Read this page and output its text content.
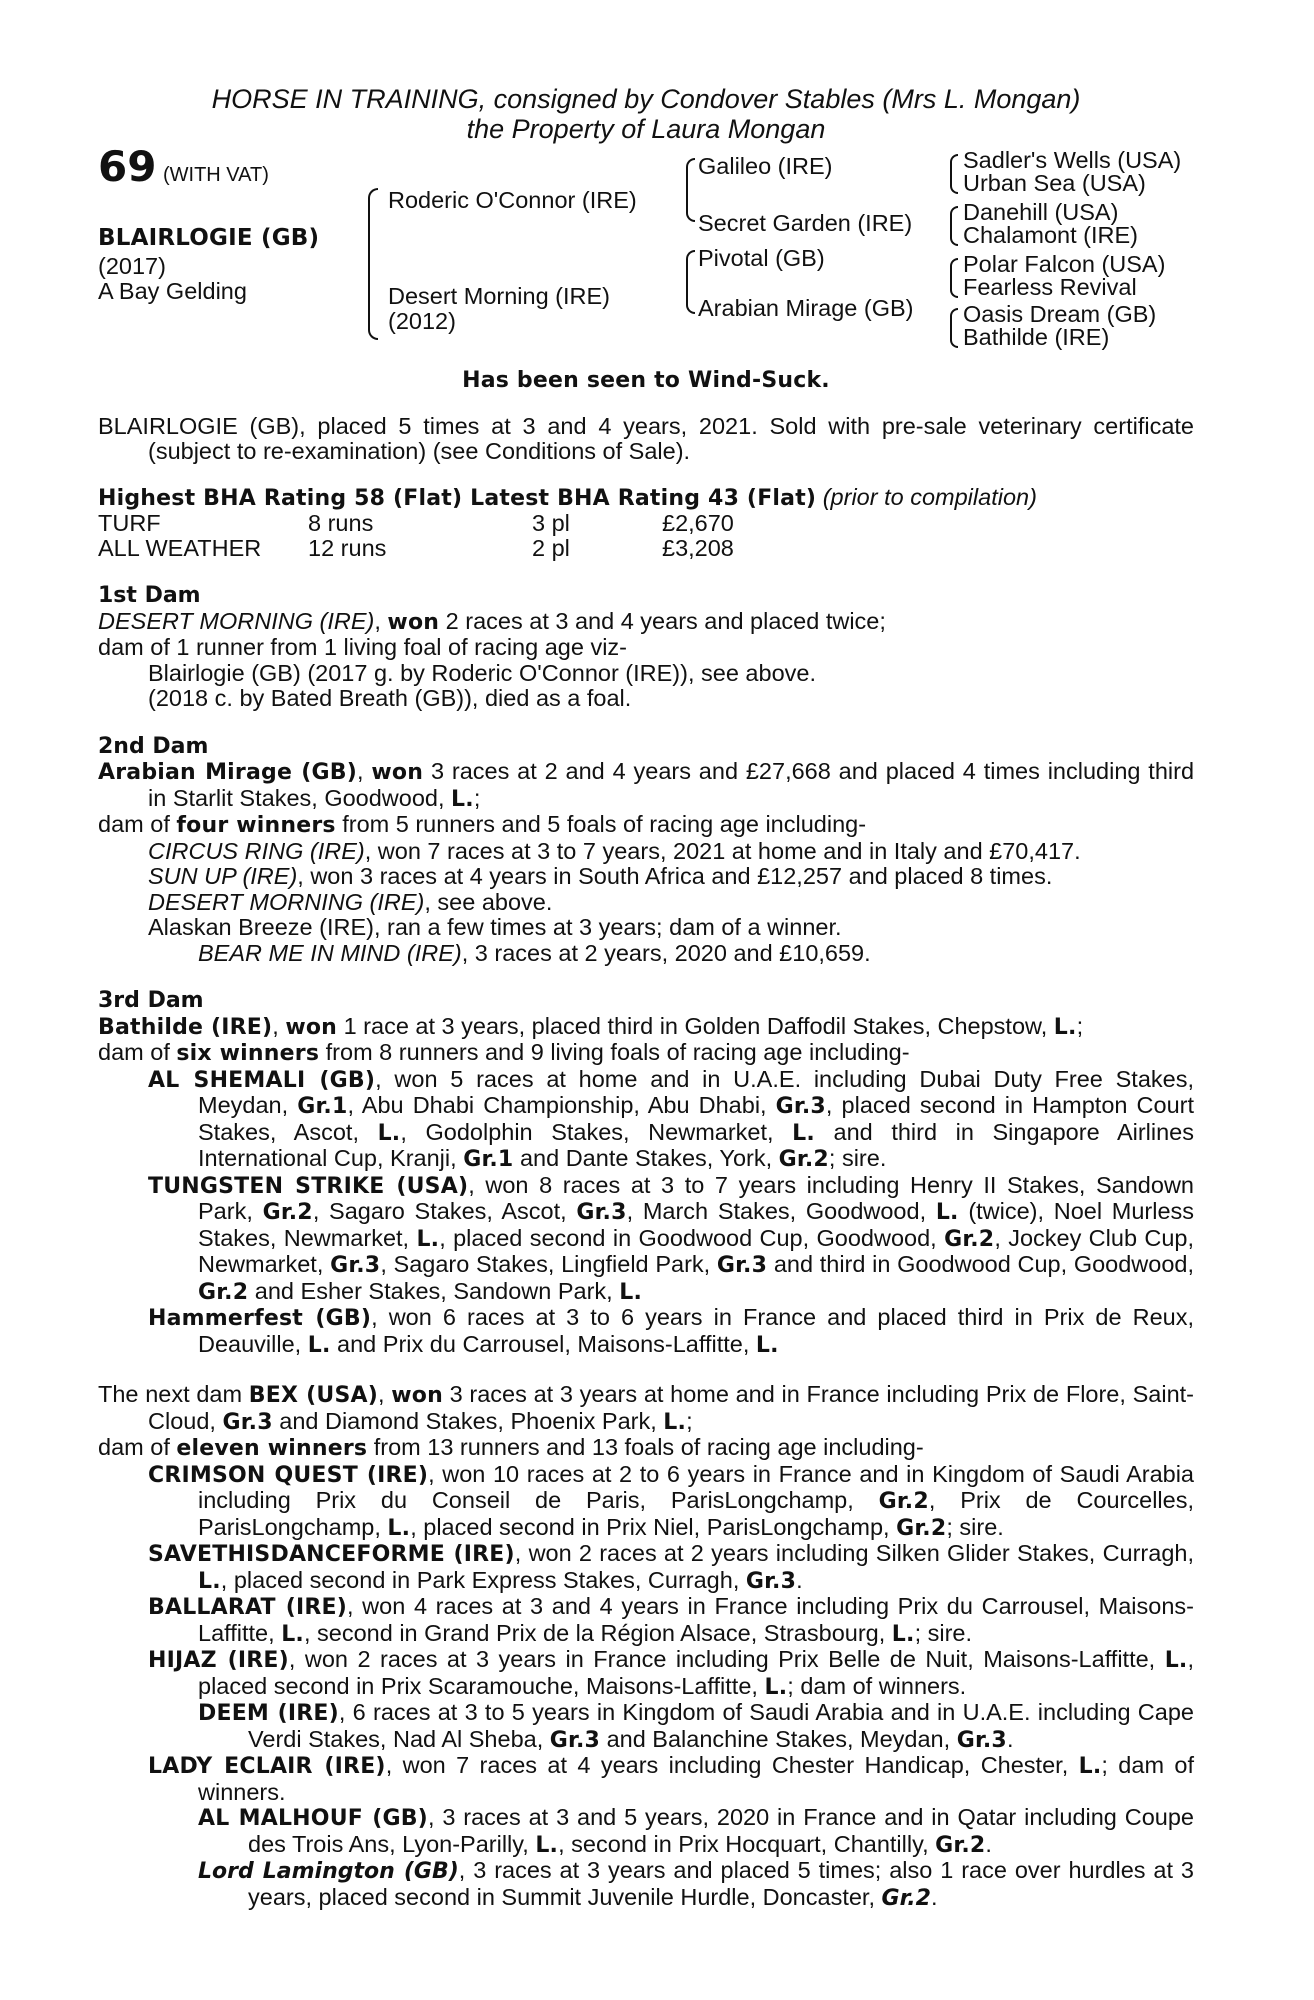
HORSE IN TRAINING, consigned by Condover Stables (Mrs L. Mongan)
the Property of Laura Mongan
69 (WITH VAT)
BLAIRLOGIE (GB)
(2017)
A Bay Gelding
Roderic O'Connor (IRE)
Desert Morning (IRE)
(2012)
Galileo (IRE)
Secret Garden (IRE)
Pivotal (GB)
Arabian Mirage (GB)
Sadler's Wells (USA)
Urban Sea (USA)
Danehill (USA)
Chalamont (IRE)
Polar Falcon (USA)
Fearless Revival
Oasis Dream (GB)
Bathilde (IRE)
Has been seen to Wind-Suck.

BLAIRLOGIE (GB), placed 5 times at 3 and 4 years, 2021. Sold with pre-sale veterinary certificate (subject to re-examination) (see Conditions of Sale).

Highest BHA Rating 58 (Flat) Latest BHA Rating 43 (Flat) (prior to compilation)

TURF	8 runs	3 pl	£2,670
ALL WEATHER	12 runs	2 pl	£3,208
1st Dam

DESERT MORNING (IRE), won 2 races at 3 and 4 years and placed twice;

dam of 1 runner from 1 living foal of racing age viz-

Blairlogie (GB) (2017 g. by Roderic O'Connor (IRE)), see above.

(2018 c. by Bated Breath (GB)), died as a foal.

2nd Dam

Arabian Mirage (GB), won 3 races at 2 and 4 years and £27,668 and placed 4 times including third in Starlit Stakes, Goodwood, L.;

dam of four winners from 5 runners and 5 foals of racing age including-

CIRCUS RING (IRE), won 7 races at 3 to 7 years, 2021 at home and in Italy and £70,417.

SUN UP (IRE), won 3 races at 4 years in South Africa and £12,257 and placed 8 times.

DESERT MORNING (IRE), see above.

Alaskan Breeze (IRE), ran a few times at 3 years; dam of a winner.

BEAR ME IN MIND (IRE), 3 races at 2 years, 2020 and £10,659.

3rd Dam

Bathilde (IRE), won 1 race at 3 years, placed third in Golden Daffodil Stakes, Chepstow, L.;

dam of six winners from 8 runners and 9 living foals of racing age including-

AL SHEMALI (GB), won 5 races at home and in U.A.E. including Dubai Duty Free Stakes, Meydan, Gr.1, Abu Dhabi Championship, Abu Dhabi, Gr.3, placed second in Hampton Court Stakes, Ascot, L., Godolphin Stakes, Newmarket, L. and third in Singapore Airlines International Cup, Kranji, Gr.1 and Dante Stakes, York, Gr.2; sire.

TUNGSTEN STRIKE (USA), won 8 races at 3 to 7 years including Henry II Stakes, Sandown Park, Gr.2, Sagaro Stakes, Ascot, Gr.3, March Stakes, Goodwood, L. (twice), Noel Murless Stakes, Newmarket, L., placed second in Goodwood Cup, Goodwood, Gr.2, Jockey Club Cup, Newmarket, Gr.3, Sagaro Stakes, Lingfield Park, Gr.3 and third in Goodwood Cup, Goodwood, Gr.2 and Esher Stakes, Sandown Park, L.

Hammerfest (GB), won 6 races at 3 to 6 years in France and placed third in Prix de Reux, Deauville, L. and Prix du Carrousel, Maisons-Laffitte, L.

The next dam BEX (USA), won 3 races at 3 years at home and in France including Prix de Flore, Saint-Cloud, Gr.3 and Diamond Stakes, Phoenix Park, L.;

dam of eleven winners from 13 runners and 13 foals of racing age including-

CRIMSON QUEST (IRE), won 10 races at 2 to 6 years in France and in Kingdom of Saudi Arabia including Prix du Conseil de Paris, ParisLongchamp, Gr.2, Prix de Courcelles, ParisLongchamp, L., placed second in Prix Niel, ParisLongchamp, Gr.2; sire.

SAVETHISDANCEFORME (IRE), won 2 races at 2 years including Silken Glider Stakes, Curragh, L., placed second in Park Express Stakes, Curragh, Gr.3.

BALLARAT (IRE), won 4 races at 3 and 4 years in France including Prix du Carrousel, Maisons-Laffitte, L., second in Grand Prix de la Région Alsace, Strasbourg, L.; sire.

HIJAZ (IRE), won 2 races at 3 years in France including Prix Belle de Nuit, Maisons-Laffitte, L., placed second in Prix Scaramouche, Maisons-Laffitte, L.; dam of winners.

DEEM (IRE), 6 races at 3 to 5 years in Kingdom of Saudi Arabia and in U.A.E. including Cape Verdi Stakes, Nad Al Sheba, Gr.3 and Balanchine Stakes, Meydan, Gr.3.

LADY ECLAIR (IRE), won 7 races at 4 years including Chester Handicap, Chester, L.; dam of winners.

AL MALHOUF (GB), 3 races at 3 and 5 years, 2020 in France and in Qatar including Coupe des Trois Ans, Lyon-Parilly, L., second in Prix Hocquart, Chantilly, Gr.2.

Lord Lamington (GB), 3 races at 3 years and placed 5 times; also 1 race over hurdles at 3 years, placed second in Summit Juvenile Hurdle, Doncaster, Gr.2.
